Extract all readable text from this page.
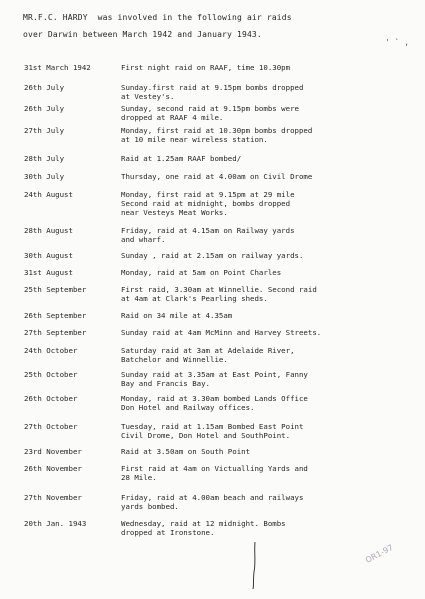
MR.F.C. HARDY  was involved in the following air raids
over Darwin between March 1942 and January 1943.
' ` ,
31st March 1942	First night raid on RAAF, time 10.30pm
26th July	Sunday.first raid at 9.15pm bombs dropped
at Vestey's.
26th July	Sunday, second raid at 9.15pm bombs were
dropped at RAAF 4 mile.
27th July	Monday, first raid at 10.30pm bombs dropped
at 10 mile near wireless station.
28th July	Raid at 1.25am RAAF bombed/
30th July	Thursday, one raid at 4.00am on Civil Drome
24th August	Monday, first raid at 9.15pm at 29 mile
Second raid at midnight, bombs dropped
near Vesteys Meat Works.
28th August	Friday, raid at 4.15am on Railway yards
and wharf.
30th August	Sunday , raid at 2.15am on railway yards.
31st August	Monday, raid at 5am on Point Charles
25th September	First raid, 3.30am at Winnellie. Second raid
at 4am at Clark's Pearling sheds.
26th September	Raid on 34 mile at 4.35am
27th September	Sunday raid at 4am McMinn and Harvey Streets.
24th October	Saturday raid at 3am at Adelaide River,
Batchelor and Winnellie.
25th October	Sunday raid at 3.35am at East Point, Fanny
Bay and Francis Bay.
26th October	Monday, raid at 3.30am bombed Lands Office
Don Hotel and Railway offices.
27th October	Tuesday, raid at 1.15am Bombed East Point
Civil Drome, Don Hotel and SouthPoint.
23rd November	Raid at 3.50am on South Point
26th November	First raid at 4am on Victualling Yards and
28 Mile.
27th November	Friday, raid at 4.00am beach and railways
yards bombed.
20th Jan. 1943	Wednesday, raid at 12 midnight. Bombs
dropped at Ironstone.
OR1-97
